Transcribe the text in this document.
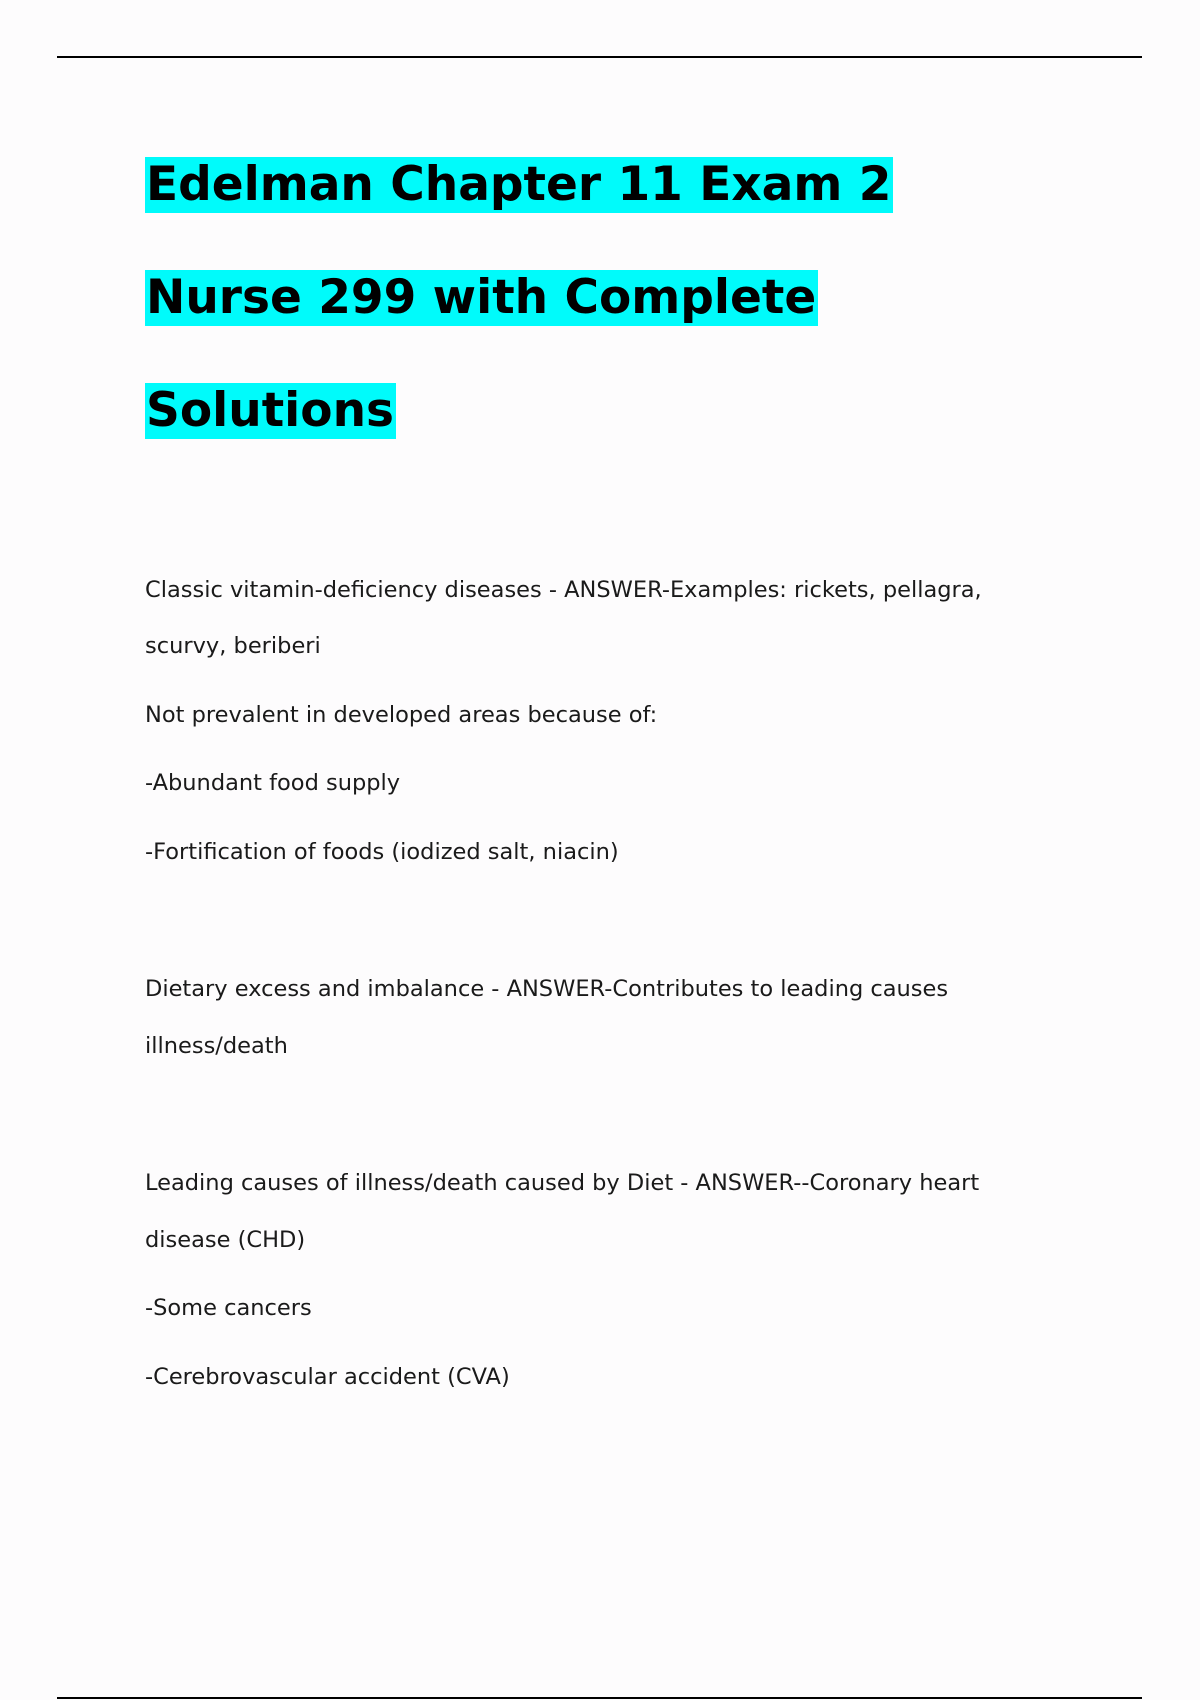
Edelman Chapter 11 Exam 2
Nurse 299 with Complete
Solutions

Classic vitamin-deficiency diseases - ANSWER-Examples: rickets, pellagra,

scurvy, beriberi

Not prevalent in developed areas because of:

-Abundant food supply

-Fortification of foods (iodized salt, niacin)

Dietary excess and imbalance - ANSWER-Contributes to leading causes

illness/death

Leading causes of illness/death caused by Diet - ANSWER--Coronary heart

disease (CHD)

-Some cancers

-Cerebrovascular accident (CVA)
